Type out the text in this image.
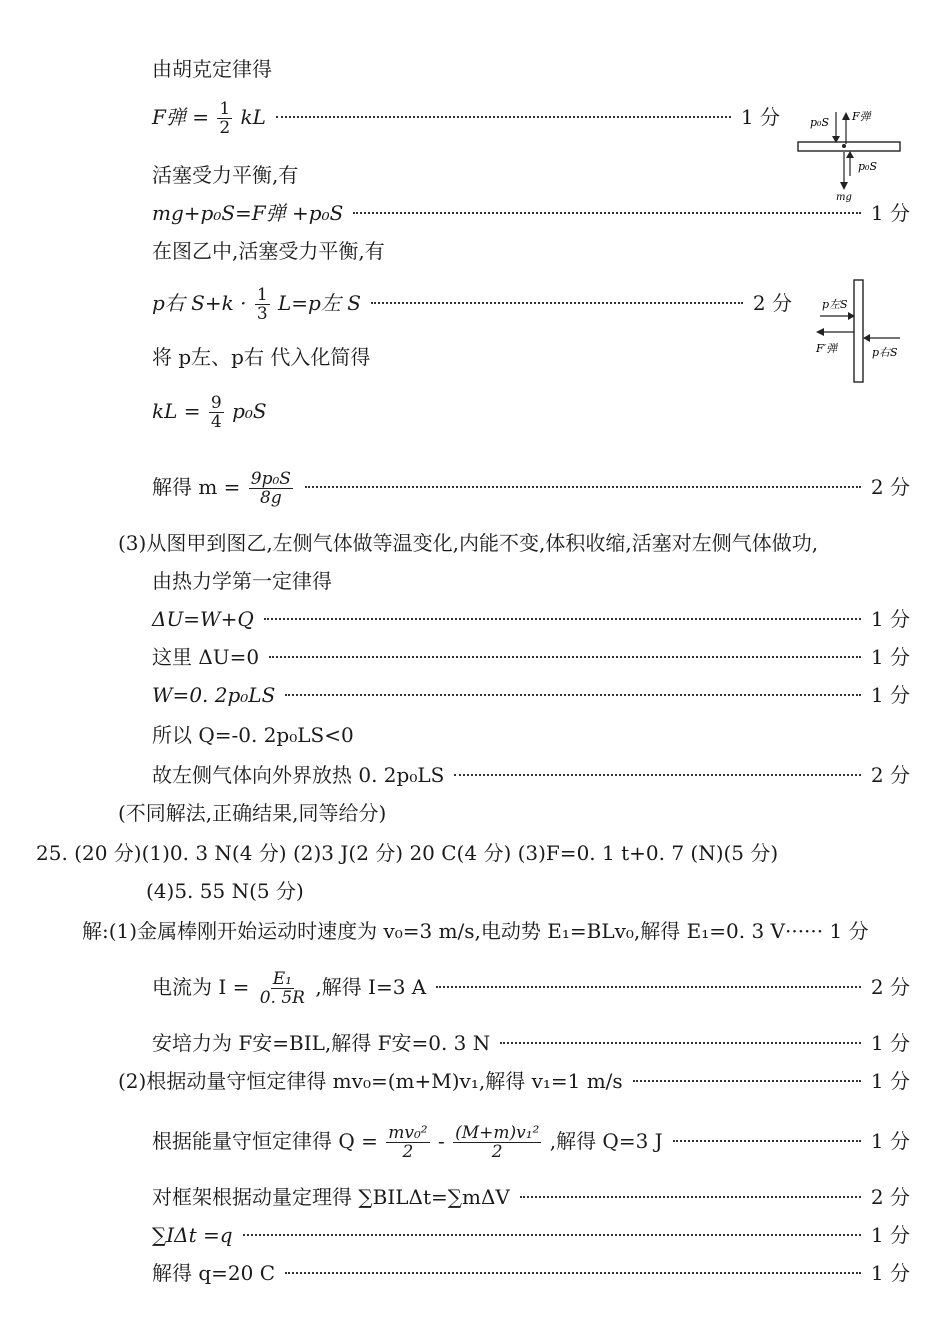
由胡克定律得
F弹 = $\frac{1}{2}$ kL	1 分	p₀S F弹
p₀S
mg
活塞受力平衡,有
mg+p₀S=F弹 +p₀S	1 分
在图乙中,活塞受力平衡,有
p右 $S+k \cdot \frac{1}{3} L=p$左 S	2 分	p左S
F′弹	p右S
将 p左、p右 代入化简得
kL = $\frac{9}{4} p_0S$
解得 $m = \frac{\text{9p₀S}}{8g}$	2 分
(3)从图甲到图乙,左侧气体做等温变化,内能不变,体积收缩,活塞对左侧气体做功,
由热力学第一定律得
ΔU=W+Q	1 分
这里 ΔU=0	1 分
W=0. 2p₀LS	1 分
所以 Q=-0. 2p₀LS<0
故左侧气体向外界放热 0. 2p₀LS	2 分
(不同解法,正确结果,同等给分)
25. (20 分)(1)0. 3 N(4 分) (2)3 J(2 分) 20 C(4 分) (3)F=0. 1 t+0. 7 (N)(5 分)
(4)5. 55 N(5 分)
解:(1)金属棒刚开始运动时速度为 v₀=3 m/s,电动势 E₁=BLv₀,解得 E₁=0. 3 V······ 1 分
电流为 $I = \frac{\text{E₁}}{0. 5R}$ ,解得 I=3 A	2 分
安培力为 F安=BIL,解得 F安=0. 3 N	1 分
(2)根据动量守恒定律得 mv₀=(m+M)v₁,解得 v₁=1 m/s	1 分
根据能量守恒定律得 $Q = \frac{\text{mv₀²}}{2} - \frac{\text{(M+m)v₁²}}{2}$ ,解得 Q=3 J	1 分
对框架根据动量定理得 ∑BILΔt=∑mΔV	2 分
∑IΔt =q	1 分
解得 q=20 C	1 分
